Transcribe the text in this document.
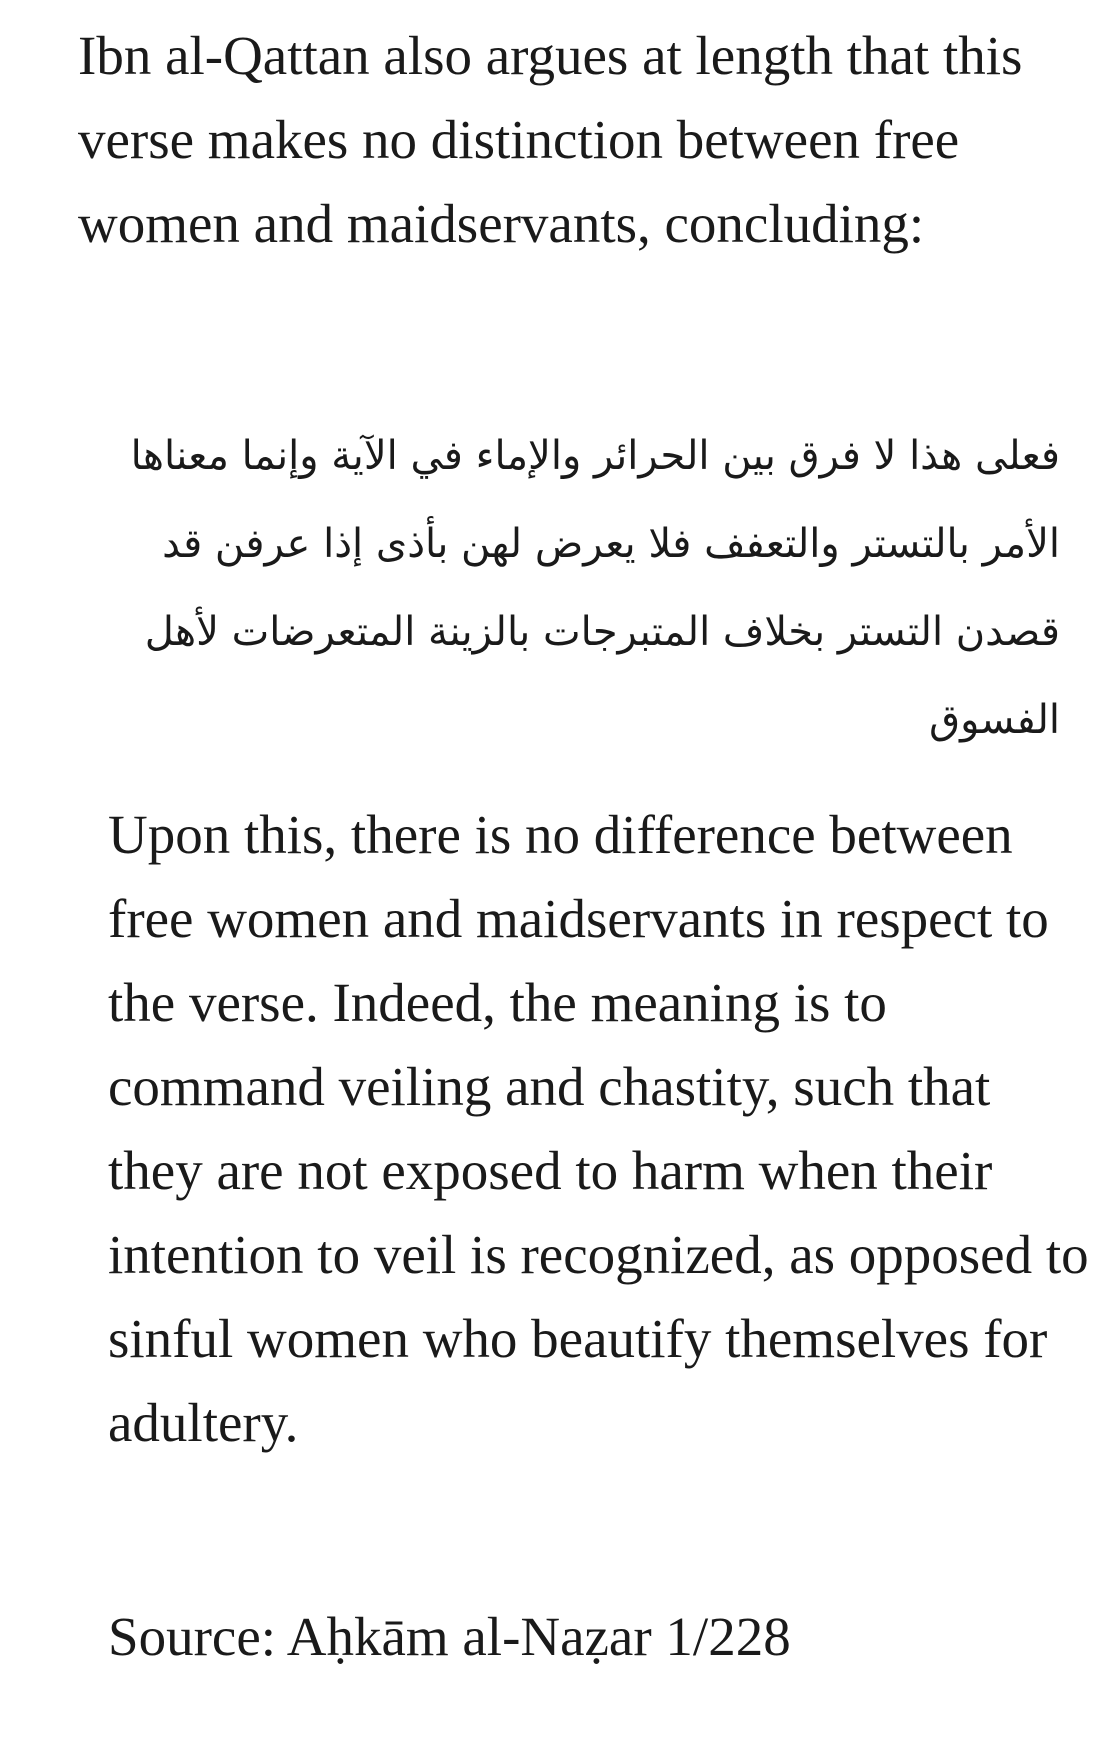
Ibn al-Qattan also argues at length that this verse makes no distinction between free women and maidservants, concluding:

فعلى هذا لا فرق بين الحرائر والإماء في الآية وإنما معناها الأمر بالتستر والتعفف فلا يعرض لهن بأذى إذا عرفن قد قصدن التستر بخلاف المتبرجات بالزينة المتعرضات لأهل الفسوق

Upon this, there is no difference between free women and maidservants in respect to the verse. Indeed, the meaning is to command veiling and chastity, such that they are not exposed to harm when their intention to veil is recognized, as opposed to sinful women who beautify themselves for adultery.

Source: Aḥkām al-Naẓar 1/228
